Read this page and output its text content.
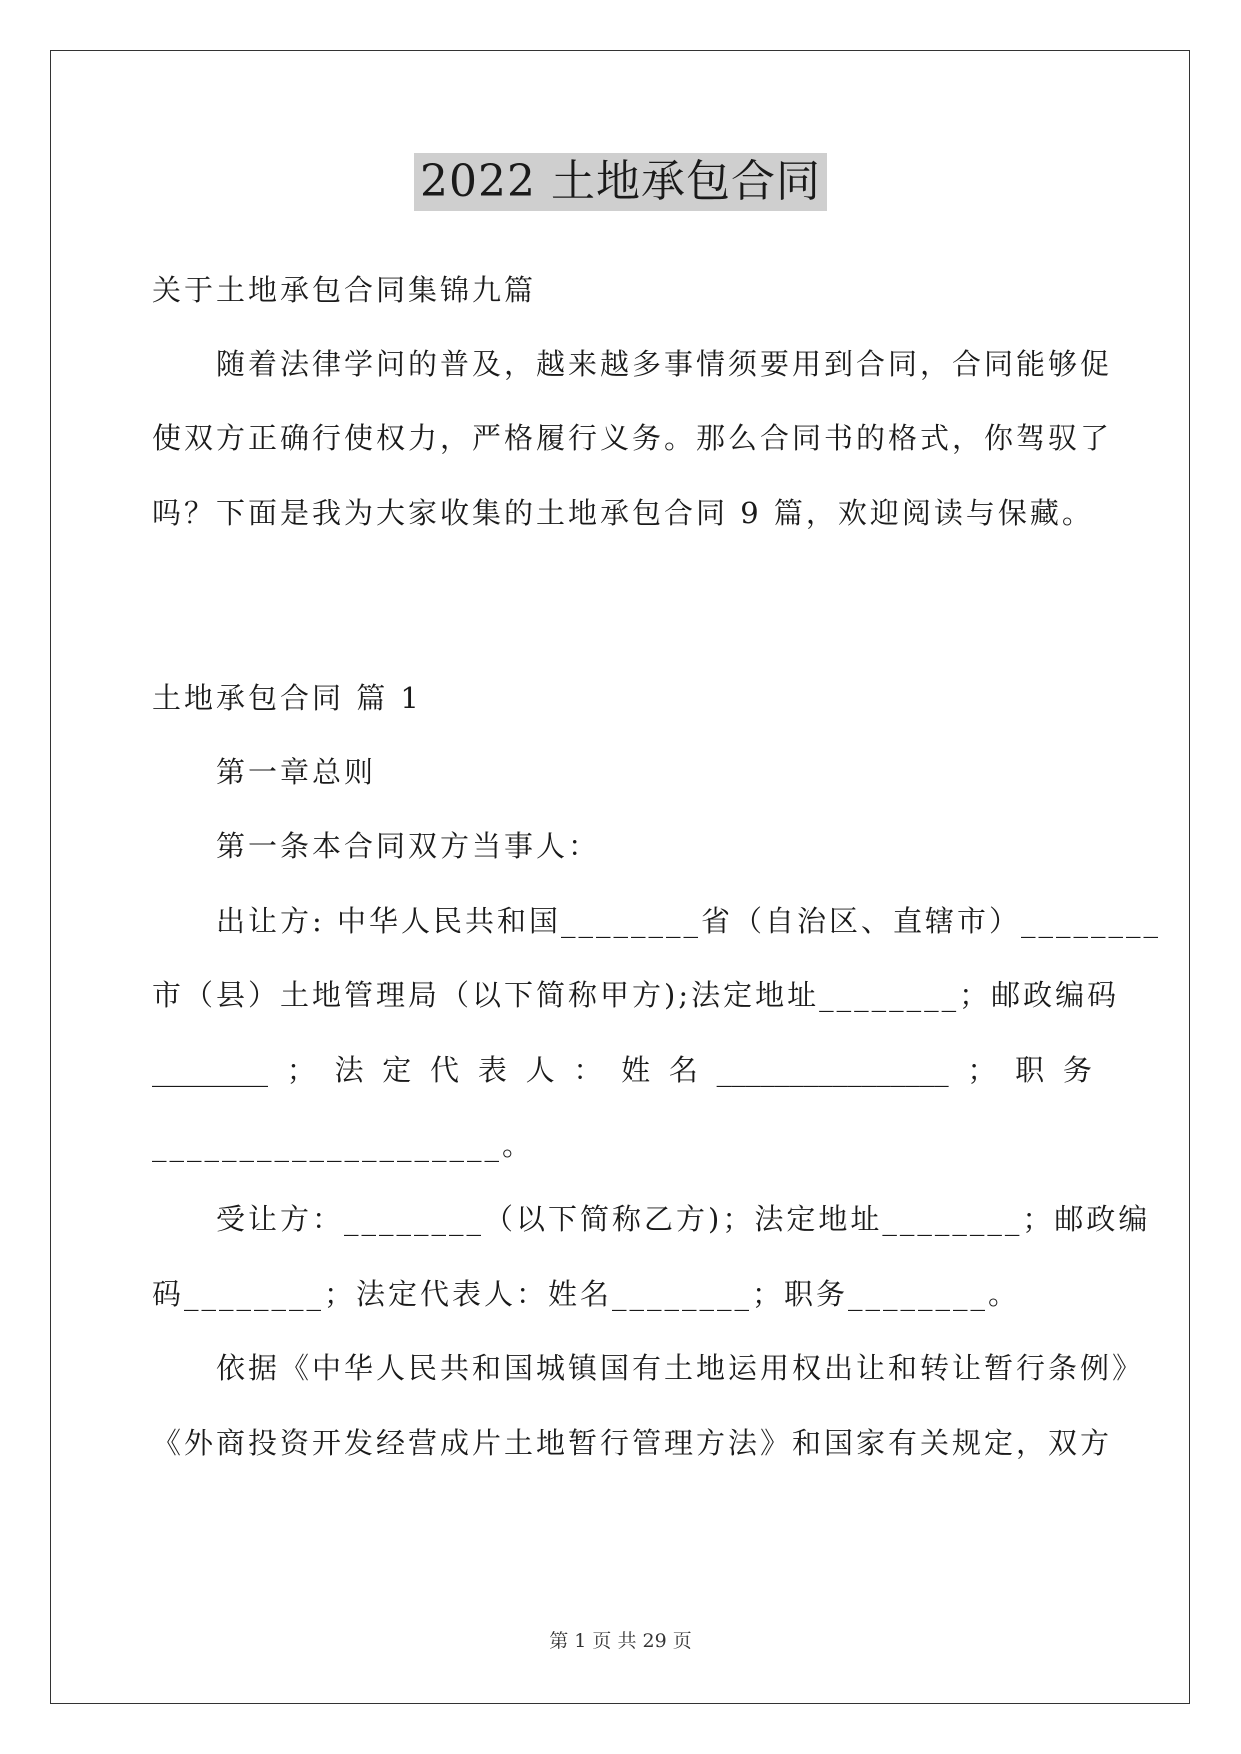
2022 土地承包合同
关于土地承包合同集锦九篇
随着法律学问的普及，越来越多事情须要用到合同，合同能够促
使双方正确行使权力，严格履行义务。那么合同书的格式，你驾驭了
吗？下面是我为大家收集的土地承包合同 9 篇，欢迎阅读与保藏。
土地承包合同 篇 1
第一章总则
第一条本合同双方当事人：
出让方: 中华人民共和国________省（自治区、直辖市）________
市（县）土地管理局（以下简称甲方);法定地址________；邮政编码
________ ； 法 定 代 表 人 ： 姓 名 ________________ ； 职 务
____________________。
受让方：________（以下简称乙方)；法定地址________；邮政编
码________；法定代表人：姓名________；职务________。
依据《中华人民共和国城镇国有土地运用权出让和转让暂行条例》
《外商投资开发经营成片土地暂行管理方法》和国家有关规定，双方
第 1 页 共 29 页
